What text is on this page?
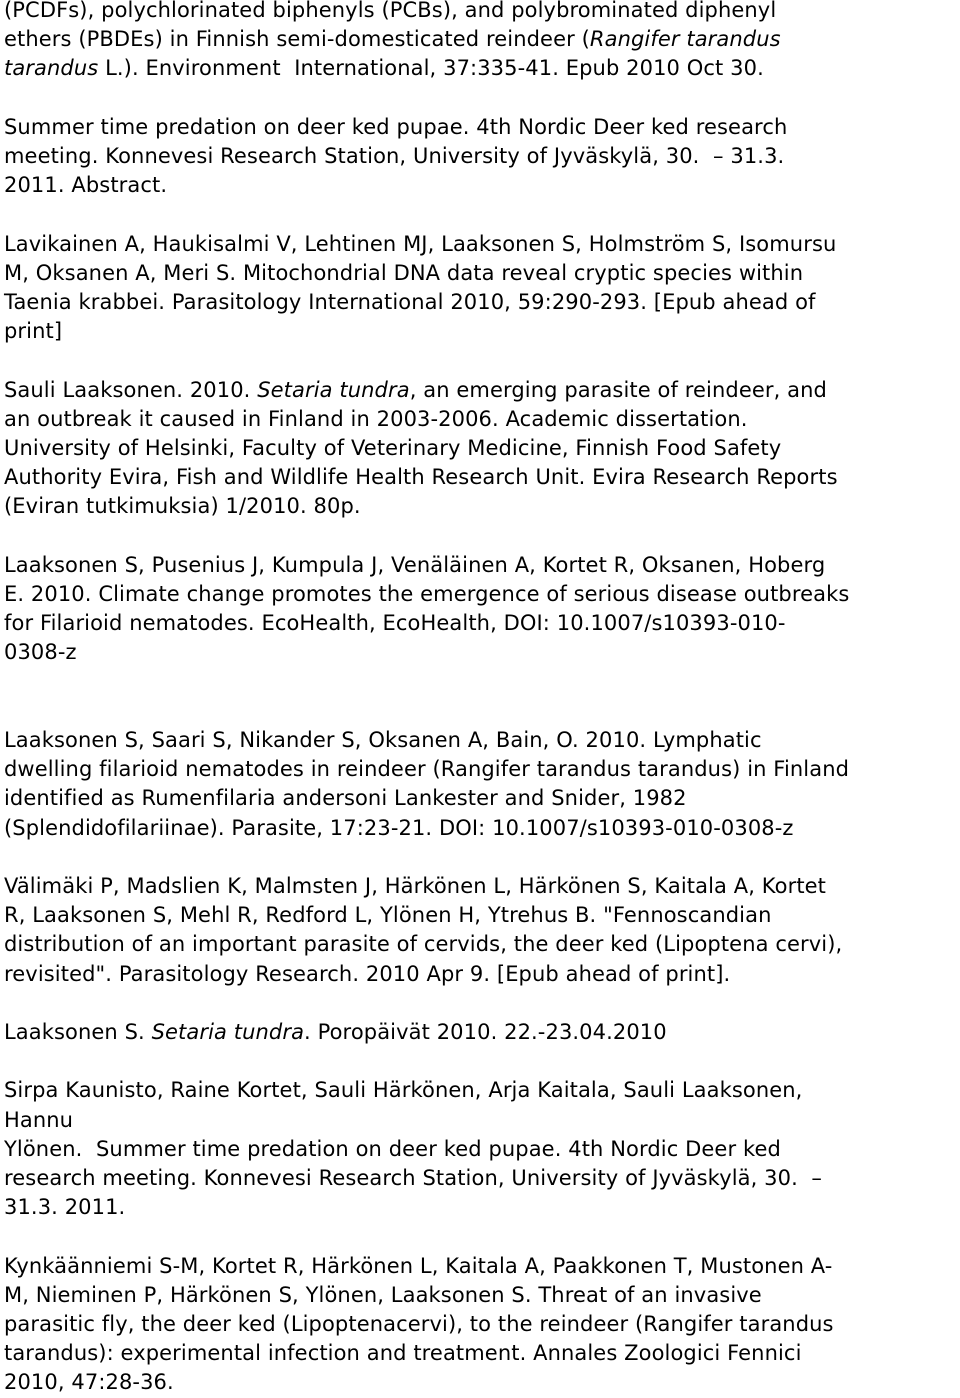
(PCDFs), polychlorinated biphenyls (PCBs), and polybrominated diphenyl
ethers (PBDEs) in Finnish semi-domesticated reindeer (Rangifer tarandus
tarandus L.). Environment  International, 37:335-41. Epub 2010 Oct 30.
Summer time predation on deer ked pupae. 4th Nordic Deer ked research
meeting. Konnevesi Research Station, University of Jyväskylä, 30.  – 31.3.
2011. Abstract.
Lavikainen A, Haukisalmi V, Lehtinen MJ, Laaksonen S, Holmström S, Isomursu
M, Oksanen A, Meri S. Mitochondrial DNA data reveal cryptic species within
Taenia krabbei. Parasitology International 2010, 59:290-293. [Epub ahead of
print]
Sauli Laaksonen. 2010. Setaria tundra, an emerging parasite of reindeer, and
an outbreak it caused in Finland in 2003-2006. Academic dissertation.
University of Helsinki, Faculty of Veterinary Medicine, Finnish Food Safety
Authority Evira, Fish and Wildlife Health Research Unit. Evira Research Reports
(Eviran tutkimuksia) 1/2010. 80p.
Laaksonen S, Pusenius J, Kumpula J, Venäläinen A, Kortet R, Oksanen, Hoberg
E. 2010. Climate change promotes the emergence of serious disease outbreaks
for Filarioid nematodes. EcoHealth, EcoHealth, DOI: 10.1007/s10393-010-
0308-z
Laaksonen S, Saari S, Nikander S, Oksanen A, Bain, O. 2010. Lymphatic
dwelling filarioid nematodes in reindeer (Rangifer tarandus tarandus) in Finland
identified as Rumenfilaria andersoni Lankester and Snider, 1982
(Splendidofilariinae). Parasite, 17:23-21. DOI: 10.1007/s10393-010-0308-z
Välimäki P, Madslien K, Malmsten J, Härkönen L, Härkönen S, Kaitala A, Kortet
R, Laaksonen S, Mehl R, Redford L, Ylönen H, Ytrehus B. "Fennoscandian
distribution of an important parasite of cervids, the deer ked (Lipoptena cervi),
revisited". Parasitology Research. 2010 Apr 9. [Epub ahead of print].
Laaksonen S. Setaria tundra. Poropäivät 2010. 22.-23.04.2010
Sirpa Kaunisto, Raine Kortet, Sauli Härkönen, Arja Kaitala, Sauli Laaksonen,
Hannu
Ylönen.  Summer time predation on deer ked pupae. 4th Nordic Deer ked
research meeting. Konnevesi Research Station, University of Jyväskylä, 30.  –
31.3. 2011.
Kynkäänniemi S-M, Kortet R, Härkönen L, Kaitala A, Paakkonen T, Mustonen A-
M, Nieminen P, Härkönen S, Ylönen, Laaksonen S. Threat of an invasive
parasitic fly, the deer ked (Lipoptenacervi), to the reindeer (Rangifer tarandus
tarandus): experimental infection and treatment. Annales Zoologici Fennici
2010, 47:28-36.
